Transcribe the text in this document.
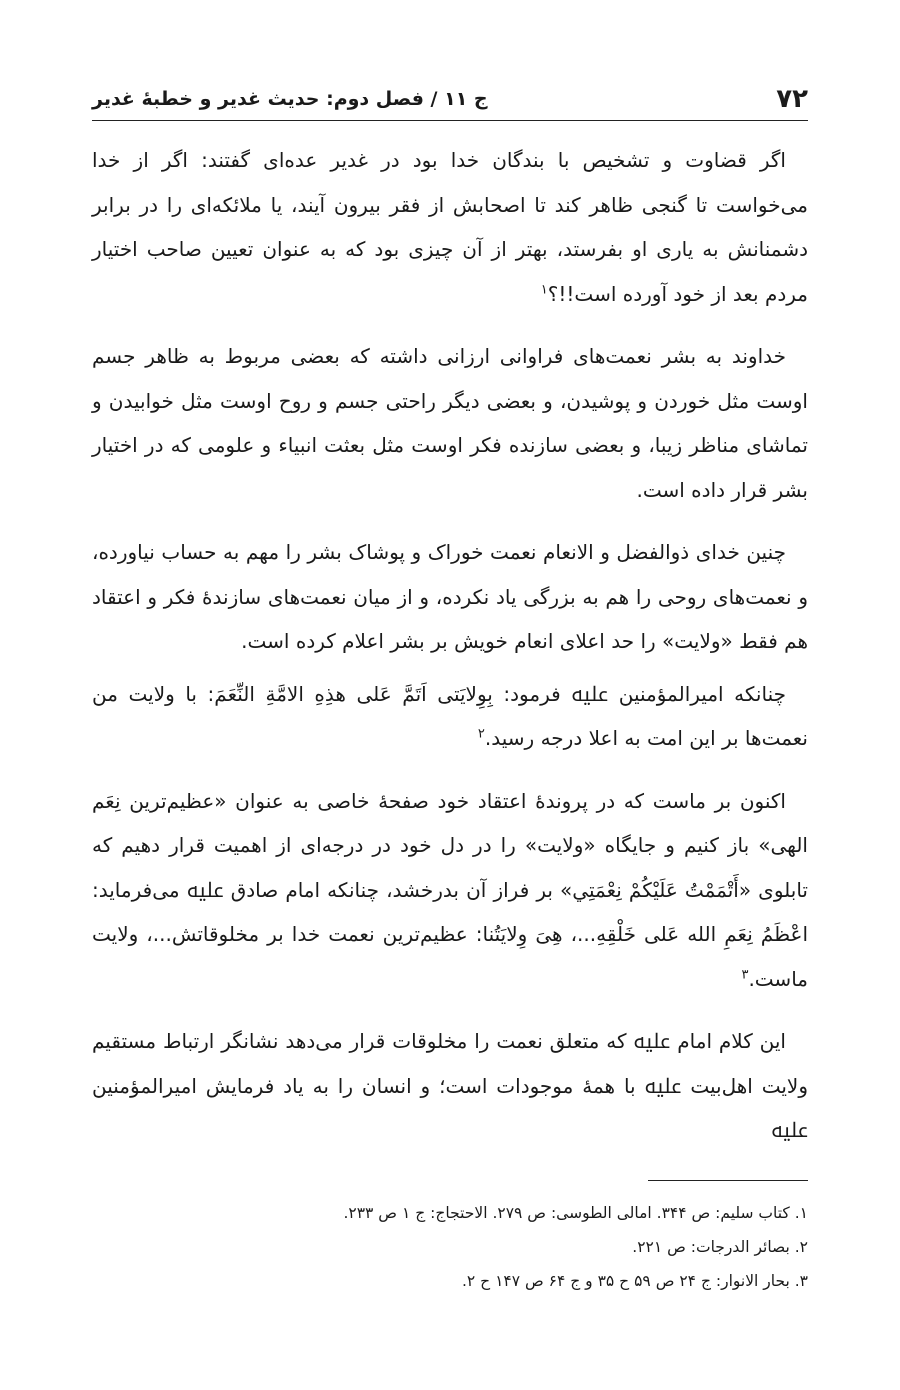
۷۲
ج ۱۱ / فصل دوم: حديث غدير و خطبهٔ غدير

اگر قضاوت و تشخيص با بندگان خدا بود در غدير عده‌ای گفتند: اگر از خدا می‌خواست تا گنجی ظاهر کند تا اصحابش از فقر بيرون آيند، يا ملائکه‌ای را در برابر دشمنانش به ياری او بفرستد، بهتر از آن چيزی بود که به عنوان تعيين صاحب اختيار مردم بعد از خود آورده است!!؟$^۱$

خداوند به بشر نعمت‌های فراوانی ارزانی داشته که بعضی مربوط به ظاهر جسم اوست مثل خوردن و پوشيدن، و بعضی ديگر راحتی جسم و روح اوست مثل خوابيدن و تماشای مناظر زيبا، و بعضی سازنده فکر اوست مثل بعثت انبياء و علومی که در اختيار بشر قرار داده است.

چنين خدای ذوالفضل و الانعام نعمت خوراک و پوشاک بشر را مهم به حساب نياورده، و نعمت‌های روحی را هم به بزرگی ياد نکرده، و از ميان نعمت‌های سازندهٔ فکر و اعتقاد هم فقط «ولايت» را حد اعلای انعام خويش بر بشر اعلام کرده است.

چنانکه اميرالمؤمنين ﷷ فرمود: بِوِلايَتی اَتَمَّ عَلی هذِهِ الامَّةِ النِّعَمَ: با ولايت من نعمت‌ها بر اين امت به اعلا درجه رسيد.$^۲$

اکنون بر ماست که در پروندهٔ اعتقاد خود صفحهٔ خاصی به عنوان «عظيم‌ترين نِعَم الهی» باز کنيم و جايگاه «ولايت» را در دل خود در درجه‌ای از اهميت قرار دهيم که تابلوی «أَتْمَمْتُ عَلَيْكُمْ نِعْمَتِي» بر فراز آن بدرخشد، چنانکه امام صادق ﷷ می‌فرمايد: اعْظَمُ نِعَمِ الله عَلی خَلْقِهِ...، هِیَ وِلايَتُنا: عظيم‌ترين نعمت خدا بر مخلوقاتش...، ولايت ماست.$^۳$

اين کلام امام ﷷ که متعلق نعمت را مخلوقات قرار می‌دهد نشانگر ارتباط مستقيم ولايت اهل‌بيت ﷷ با همهٔ موجودات است؛ و انسان را به ياد فرمايش اميرالمؤمنين ﷷ

۱. کتاب سليم: ص ۳۴۴. امالی الطوسی: ص ۲۷۹. الاحتجاج: ج ۱ ص ۲۳۳.
۲. بصائر الدرجات: ص ۲۲۱.
۳. بحار الانوار: ج ۲۴ ص ۵۹ ح ۳۵ و ج ۶۴ ص ۱۴۷ ح ۲.
